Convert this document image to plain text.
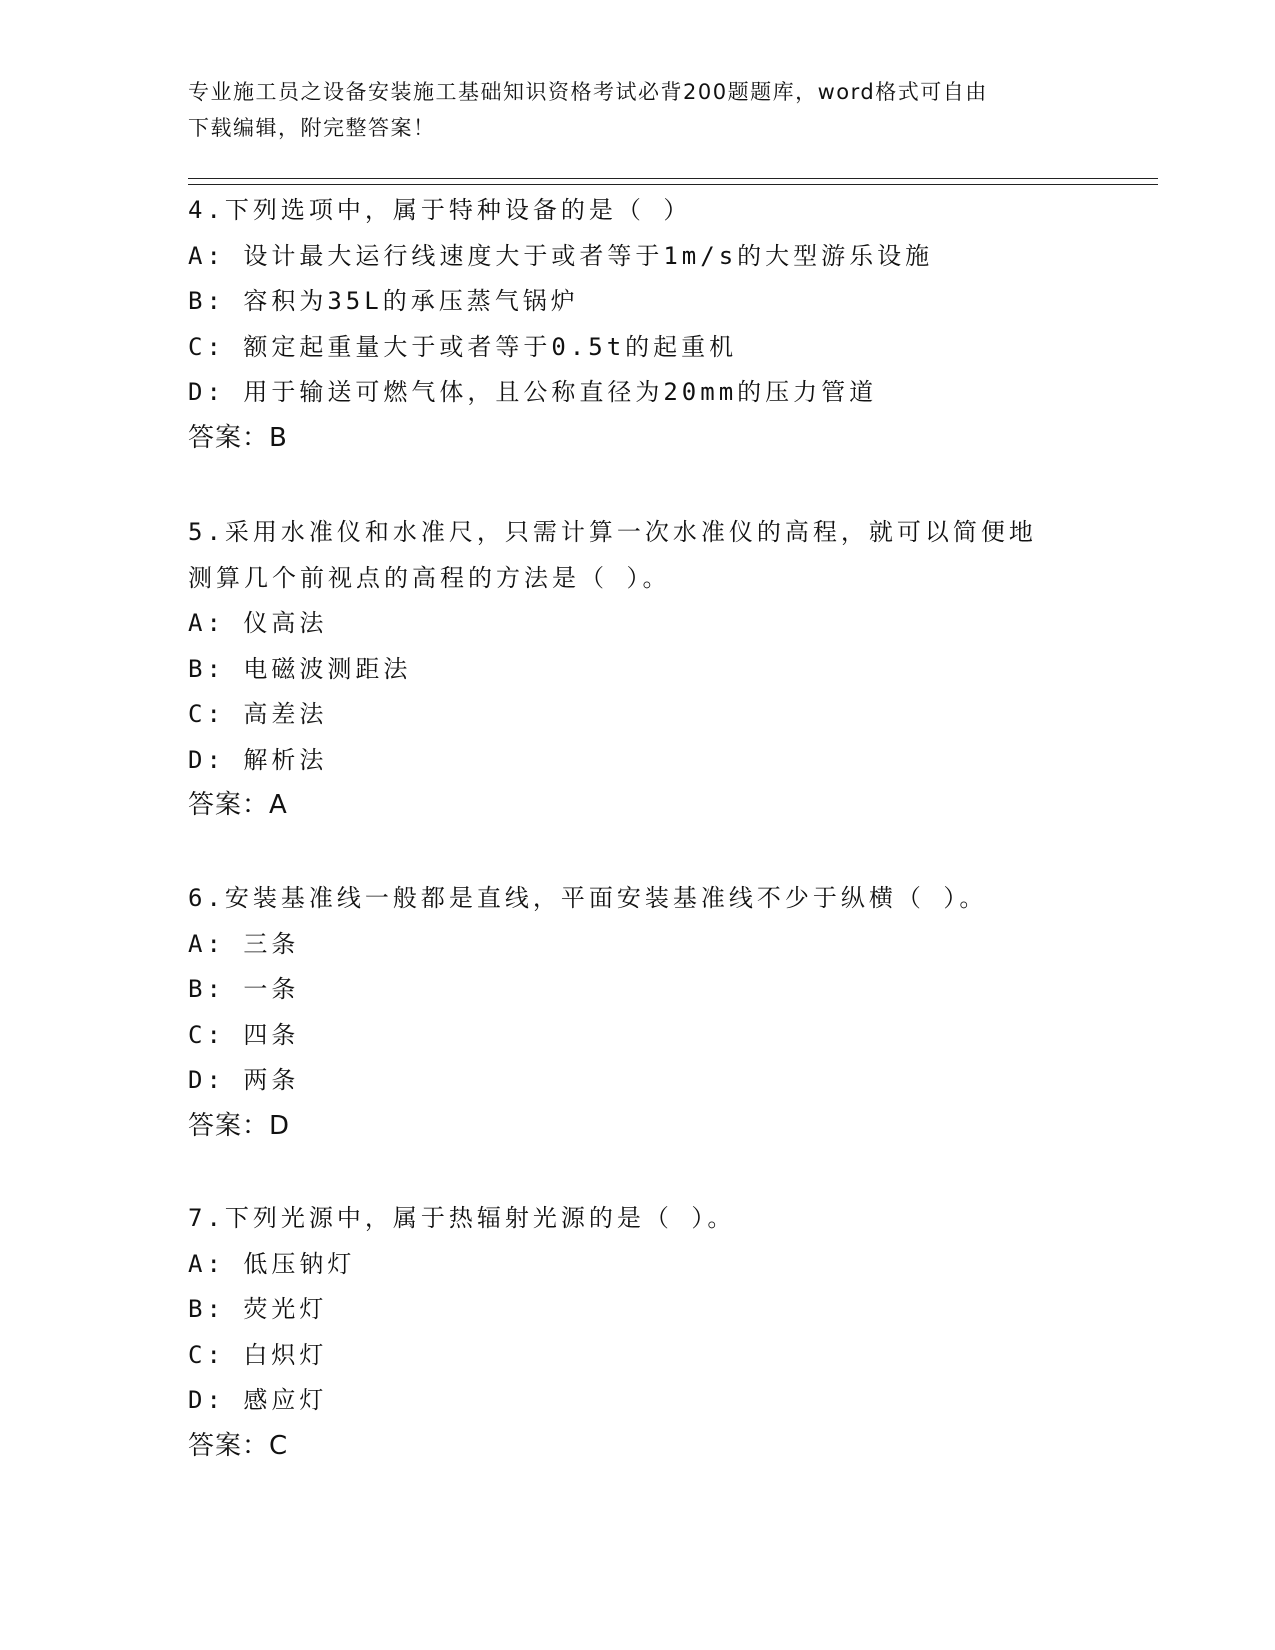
专业施工员之设备安装施工基础知识资格考试必背200题题库，word格式可自由
下载编辑，附完整答案！

4.下列选项中，属于特种设备的是（ ）

A: 设计最大运行线速度大于或者等于1m/s的大型游乐设施

B: 容积为35L的承压蒸气锅炉

C: 额定起重量大于或者等于0.5t的起重机

D: 用于输送可燃气体，且公称直径为20mm的压力管道

答案：B

5.采用水准仪和水准尺，只需计算一次水准仪的高程，就可以简便地

测算几个前视点的高程的方法是（ ）。

A: 仪高法

B: 电磁波测距法

C: 高差法

D: 解析法

答案：A

6.安装基准线一般都是直线，平面安装基准线不少于纵横（ ）。

A: 三条

B: 一条

C: 四条

D: 两条

答案：D

7.下列光源中，属于热辐射光源的是（ ）。

A: 低压钠灯

B: 荧光灯

C: 白炽灯

D: 感应灯

答案：C
